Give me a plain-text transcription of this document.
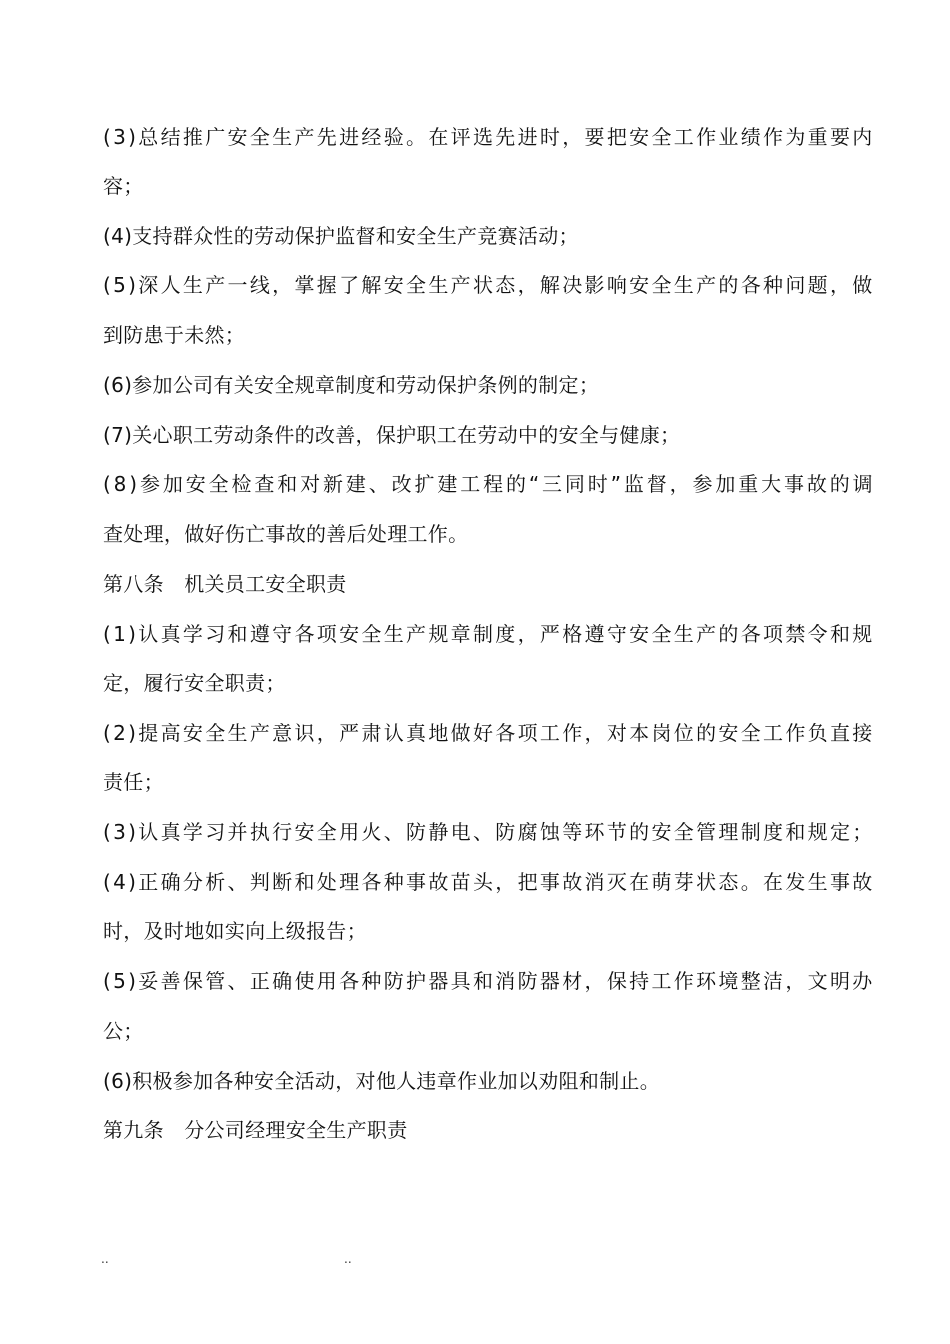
( 3 ) 总 结 推 广 安 全 生 产 先 进 经 验 。 在 评 选 先 进 时 ， 要 把 安 全 工 作 业 绩 作 为 重 要 内
容；
(4)支持群众性的劳动保护监督和安全生产竞赛活动；
( 5 ) 深 人 生 产 一 线 ， 掌 握 了 解 安 全 生 产 状 态 ， 解 决 影 响 安 全 生 产 的 各 种 问 题 ， 做
到防患于未然；
(6)参加公司有关安全规章制度和劳动保护条例的制定；
(7)关心职工劳动条件的改善，保护职工在劳动中的安全与健康；
( 8 ) 参 加 安 全 检 查 和 对 新 建 、 改 扩 建 工 程 的 “ 三 同 时 ” 监 督 ， 参 加 重 大 事 故 的 调
查处理，做好伤亡事故的善后处理工作。
第八条　机关员工安全职责
( 1 ) 认 真 学 习 和 遵 守 各 项 安 全 生 产 规 章 制 度 ， 严 格 遵 守 安 全 生 产 的 各 项 禁 令 和 规
定，履行安全职责；
( 2 ) 提 高 安 全 生 产 意 识 ， 严 肃 认 真 地 做 好 各 项 工 作 ， 对 本 岗 位 的 安 全 工 作 负 直 接
责任；
( 3 ) 认 真 学 习 并 执 行 安 全 用 火 、 防 静 电 、 防 腐 蚀 等 环 节 的 安 全 管 理 制 度 和 规 定 ；
( 4 ) 正 确 分 析 、 判 断 和 处 理 各 种 事 故 苗 头 ， 把 事 故 消 灭 在 萌 芽 状 态 。 在 发 生 事 故
时，及时地如实向上级报告；
( 5 ) 妥 善 保 管 、 正 确 使 用 各 种 防 护 器 具 和 消 防 器 材 ， 保 持 工 作 环 境 整 洁 ， 文 明 办
公；
(6)积极参加各种安全活动，对他人违章作业加以劝阻和制止。
第九条　分公司经理安全生产职责
..	..
